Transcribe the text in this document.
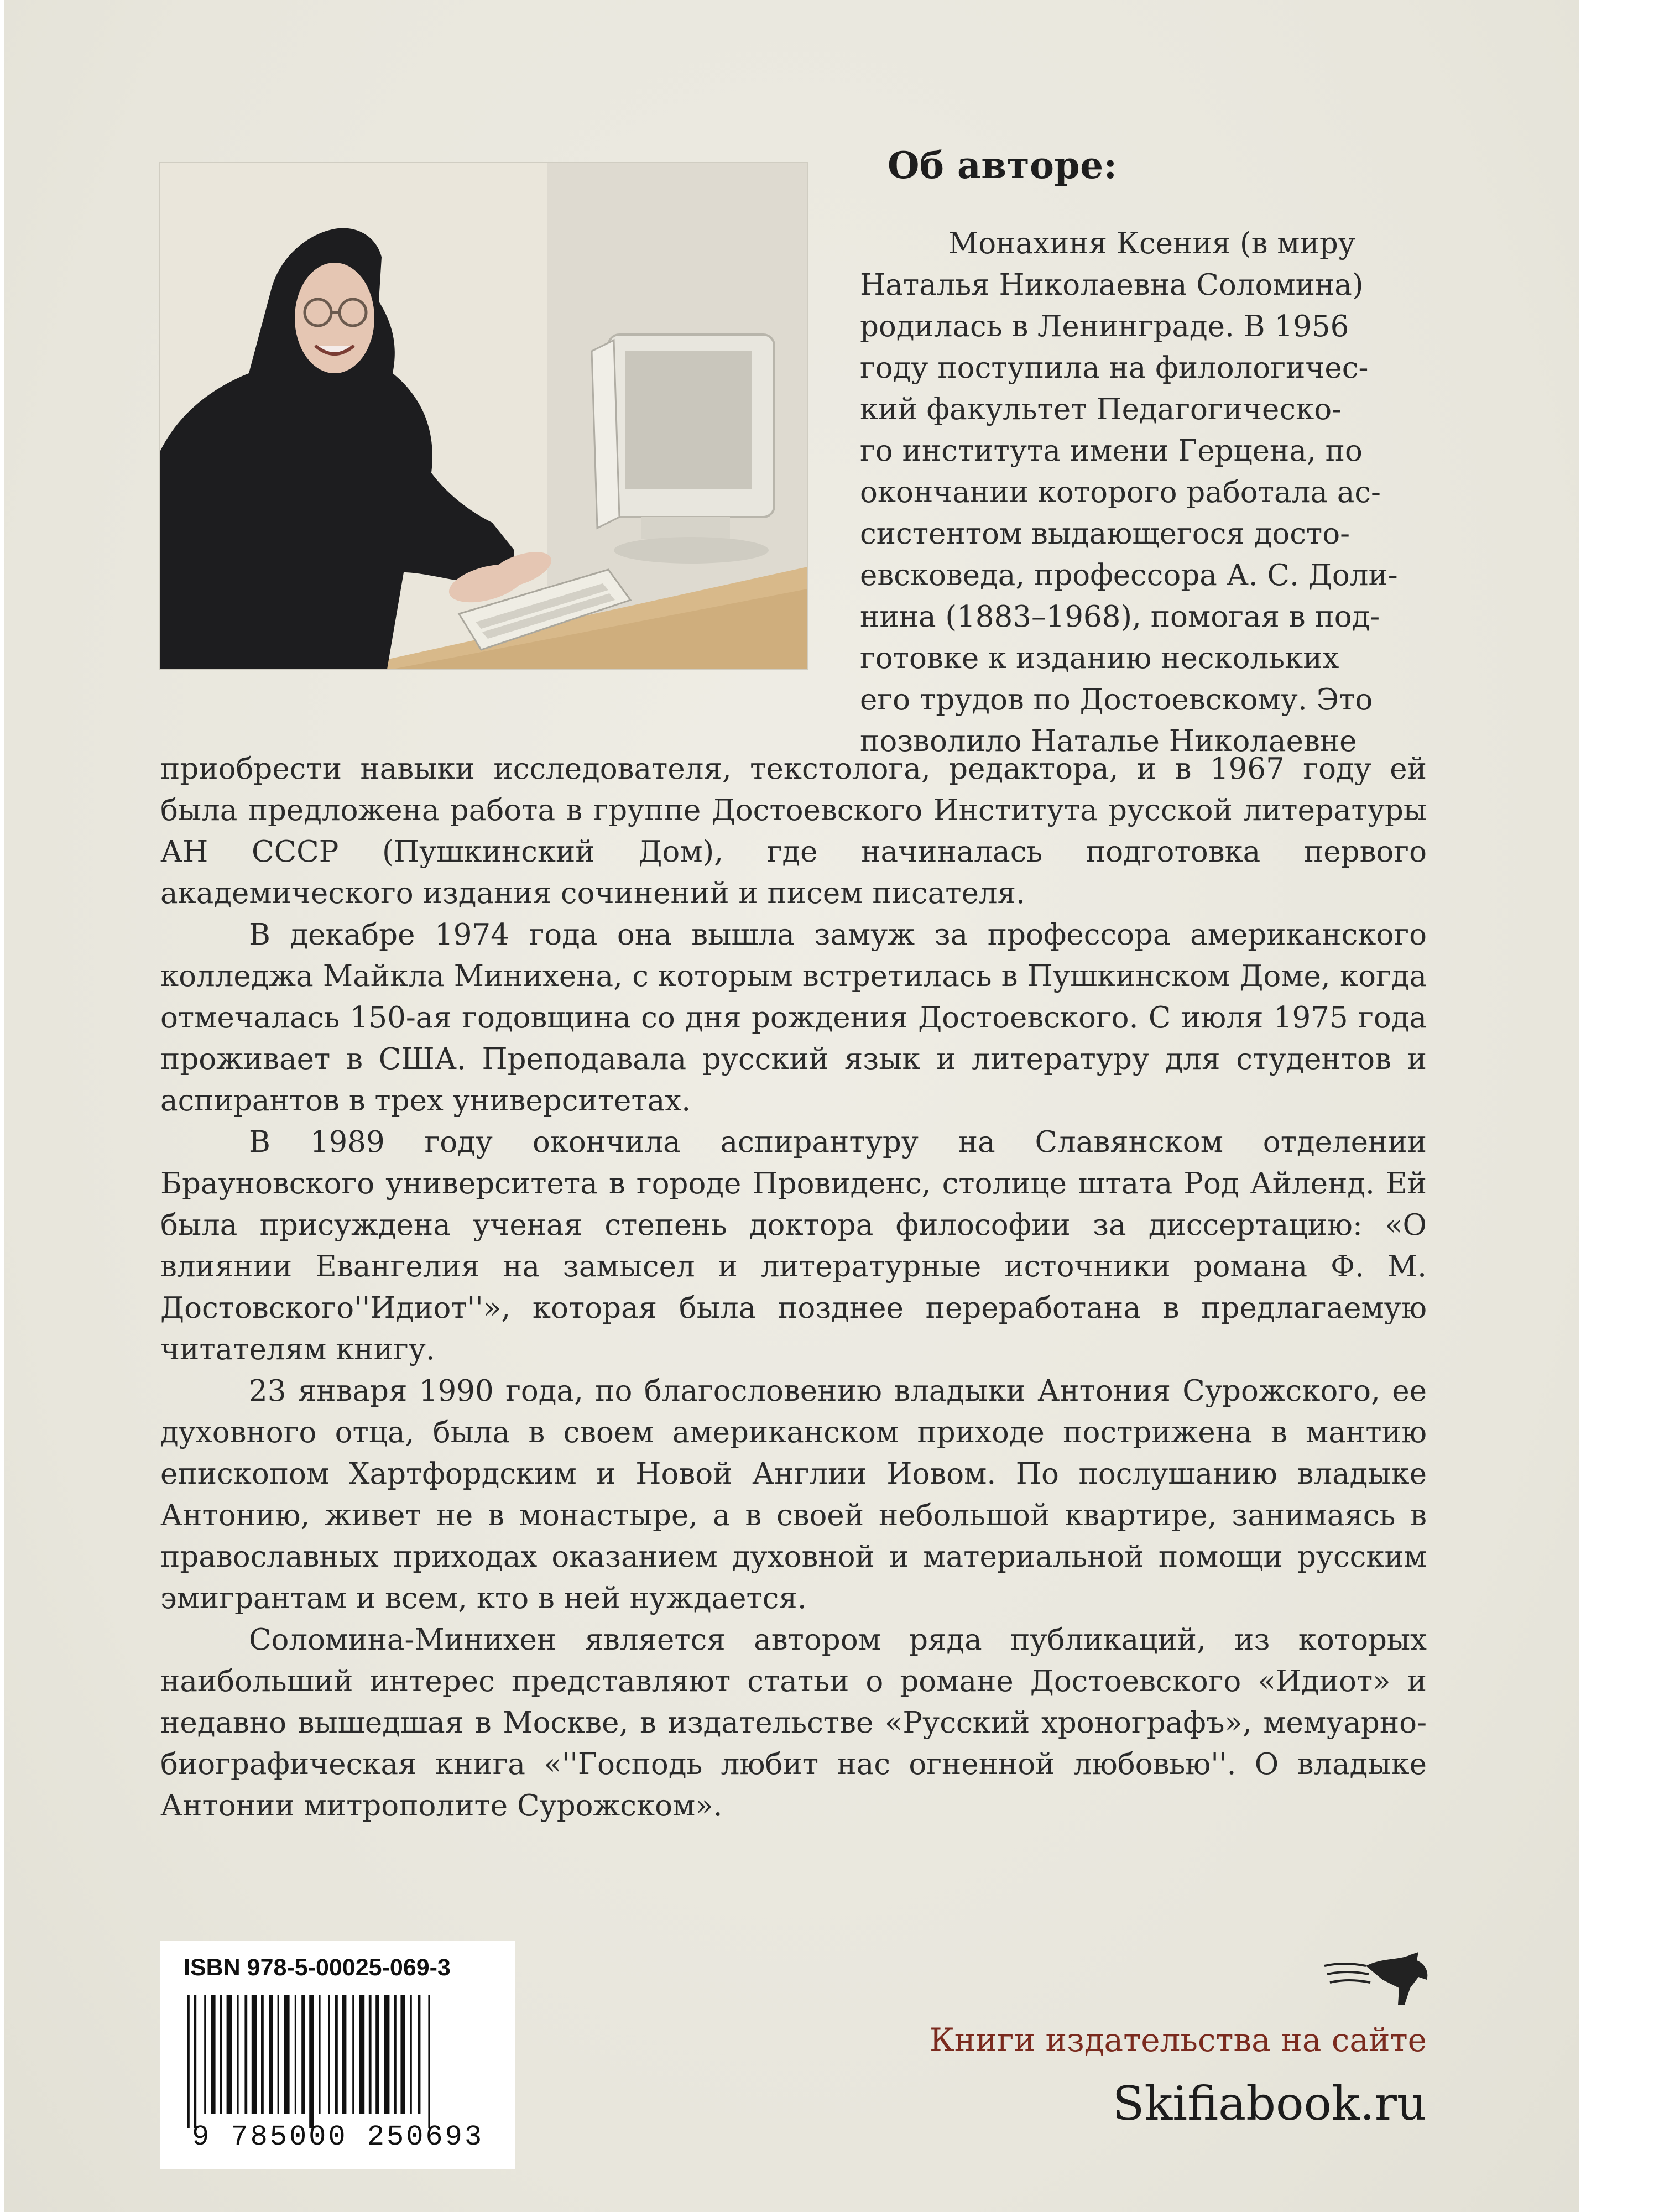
Об авторе:

Монахиня Ксения (в миру

Наталья Николаевна Соломина)

родилась в Ленинграде. В 1956

году поступила на филологичес-

кий факультет Педагогическо-

го института имени Герцена, по

окончании которого работала ас-

систентом выдающегося досто-

евсковеда, профессора А. С. Доли-

нина (1883–1968), помогая в под-

готовке к изданию нескольких

его трудов по Достоевскому. Это

позволило Наталье Николаевне

приобрести навыки исследователя, текстолога, редактора, и в 1967 году ей была предложена работа в группе Достоевского Института русской литературы АН СССР (Пушкинский Дом), где начиналась подготовка первого академического издания сочинений и писем писателя.

В декабре 1974 года она вышла замуж за профессора американского колледжа Майкла Минихена, с которым встретилась в Пушкинском Доме, когда отмечалась 150-ая годовщина со дня рождения Достоевского. С июля 1975 года проживает в США. Преподавала русский язык и литературу для студентов и аспирантов в трех университетах.

В 1989 году окончила аспирантуру на Славянском отделении Брауновского университета в городе Провиденс, столице штата Род Айленд. Ей была присуждена ученая степень доктора философии за диссертацию: «О влиянии Евангелия на замысел и литературные источники романа Ф. М. Достовского''Идиот''», которая была позднее переработана в предлагаемую читателям книгу.

23 января 1990 года, по благословению владыки Антония Сурожского, ее духовного отца, была в своем американском приходе пострижена в мантию епископом Хартфордским и Новой Англии Иовом. По послушанию владыке Антонию, живет не в монастыре, а в своей небольшой квартире, занимаясь в православных приходах оказанием духовной и материальной помощи русским эмигрантам и всем, кто в ней нуждается.

Соломина-Минихен является автором ряда публикаций, из которых наибольший интерес представляют статьи о романе Достоевского «Идиот» и недавно вышедшая в Москве, в издательстве «Русский хронографъ», мемуарно-биографическая книга «''Господь любит нас огненной любовью''. О владыке Антонии митрополите Сурожском».

ISBN 978-5-00025-069-3
9 785000 250693
Книги издательства на сайте
Skifiabook.ru
